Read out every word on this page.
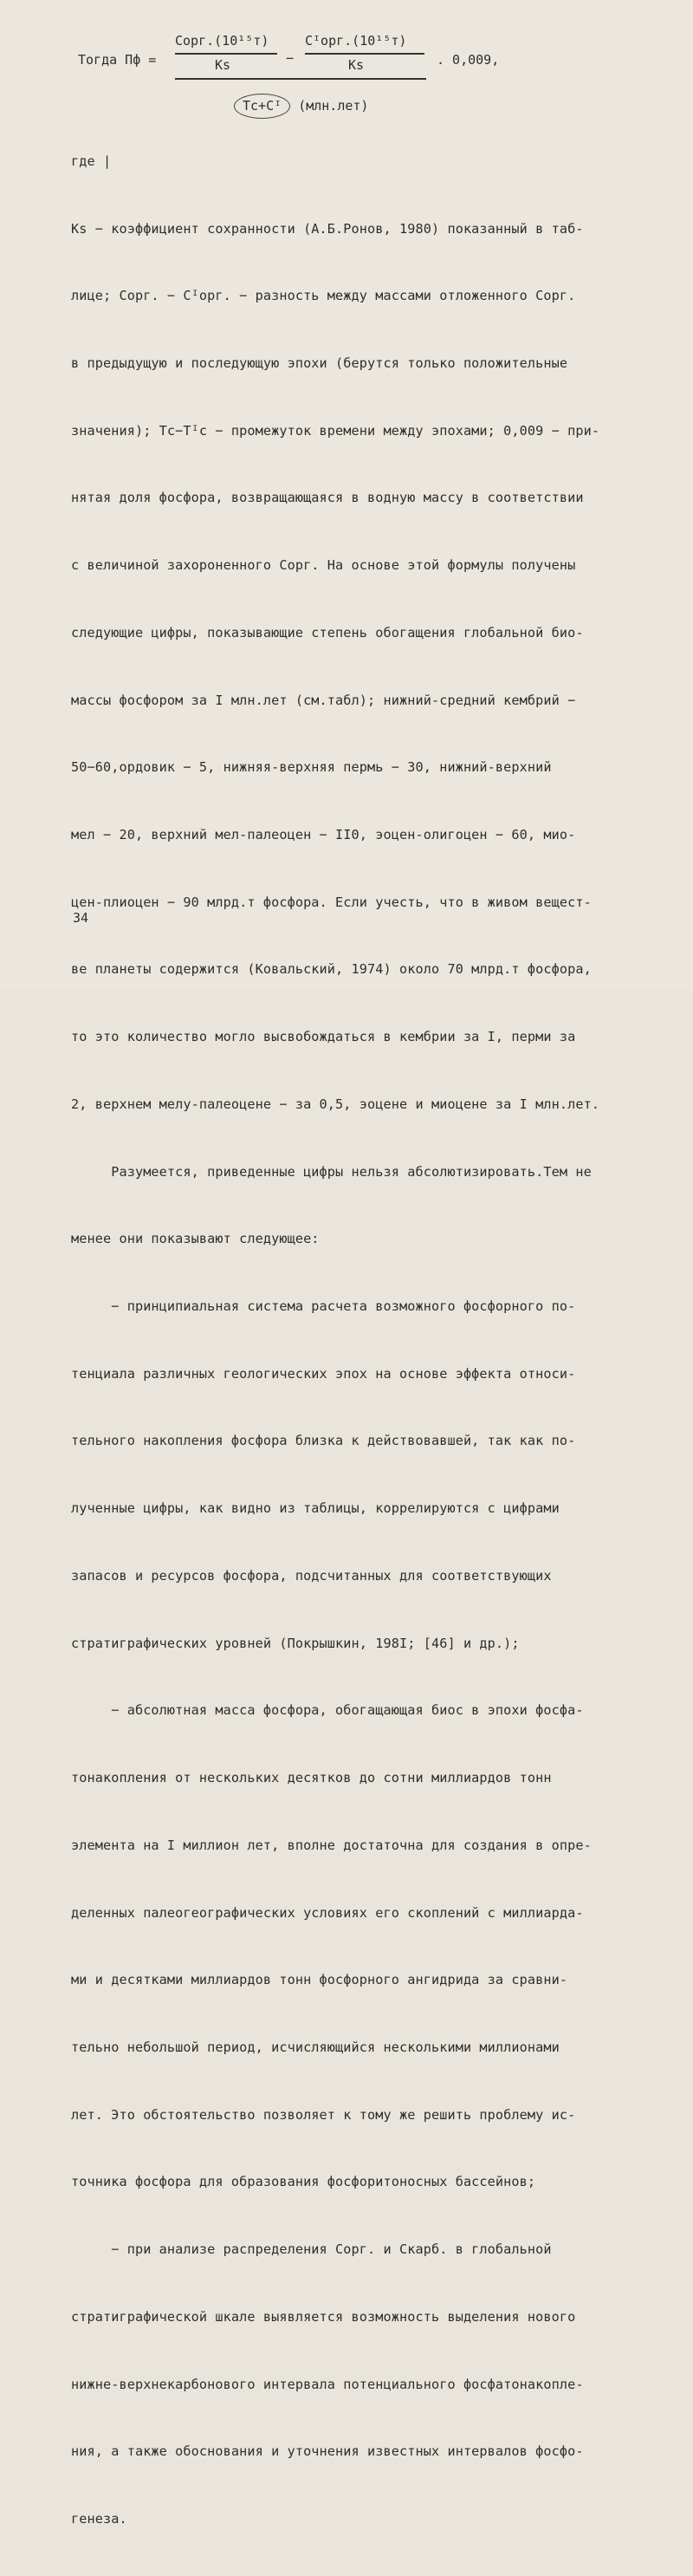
Тогда Пф =
Cорг.(10¹⁵т)
Ks	−
Cᴵорг.(10¹⁵т)
Ks	. 0,009,
Tc+Cᴵ (млн.лет)

где |

Ks − коэффициент сохранности (А.Б.Ронов, 1980) показанный в таб-

лице; Cорг. − Cᴵорг. − разность между массами отложенного Cорг.

в предыдущую и последующую эпохи (берутся только положительные

значения); Tc−Tᴵc − промежуток времени между эпохами; 0,009 − при-

нятая доля фосфора, возвращающаяся в водную массу в соответствии

с величиной захороненного Cорг. На основе этой формулы получены

следующие цифры, показывающие степень обогащения глобальной био-

массы фосфором за I млн.лет (см.табл); нижний-средний кембрий −

50−60,ордовик − 5, нижняя-верхняя пермь − 30, нижний-верхний

мел − 20, верхний мел-палеоцен − II0, эоцен-олигоцен − 60, мио-

цен-плиоцен − 90 млрд.т фосфора. Если учесть, что в живом вещест-

ве планеты содержится (Ковальский, 1974) около 70 млрд.т фосфора,

то это количество могло высвобождаться в кембрии за I, перми за

2, верхнем мелу-палеоцене − за 0,5, эоцене и миоцене за I млн.лет.

Разумеется, приведенные цифры нельзя абсолютизировать.Тем не

менее они показывают следующее:

− принципиальная система расчета возможного фосфорного по-

тенциала различных геологических эпох на основе эффекта относи-

тельного накопления фосфора близка к действовавшей, так как по-

лученные цифры, как видно из таблицы, коррелируются с цифрами

запасов и ресурсов фосфора, подсчитанных для соответствующих

стратиграфических уровней (Покрышкин, 198I; [46] и др.);

− абсолютная масса фосфора, обогащающая биос в эпохи фосфа-

тонакопления от нескольких десятков до сотни миллиардов тонн

элемента на I миллион лет, вполне достаточна для создания в опре-

деленных палеогеографических условиях его скоплений с миллиарда-

ми и десятками миллиардов тонн фосфорного ангидрида за сравни-

тельно небольшой период, исчисляющийся несколькими миллионами

лет. Это обстоятельство позволяет к тому же решить проблему ис-

точника фосфора для образования фосфоритоносных бассейнов;

− при анализе распределения Cорг. и Cкарб. в глобальной

стратиграфической шкале выявляется возможность выделения нового

нижне-верхнекарбонового интервала потенциального фосфатонакопле-

ния, а также обоснования и уточнения известных интервалов фосфо-

генеза.

34
